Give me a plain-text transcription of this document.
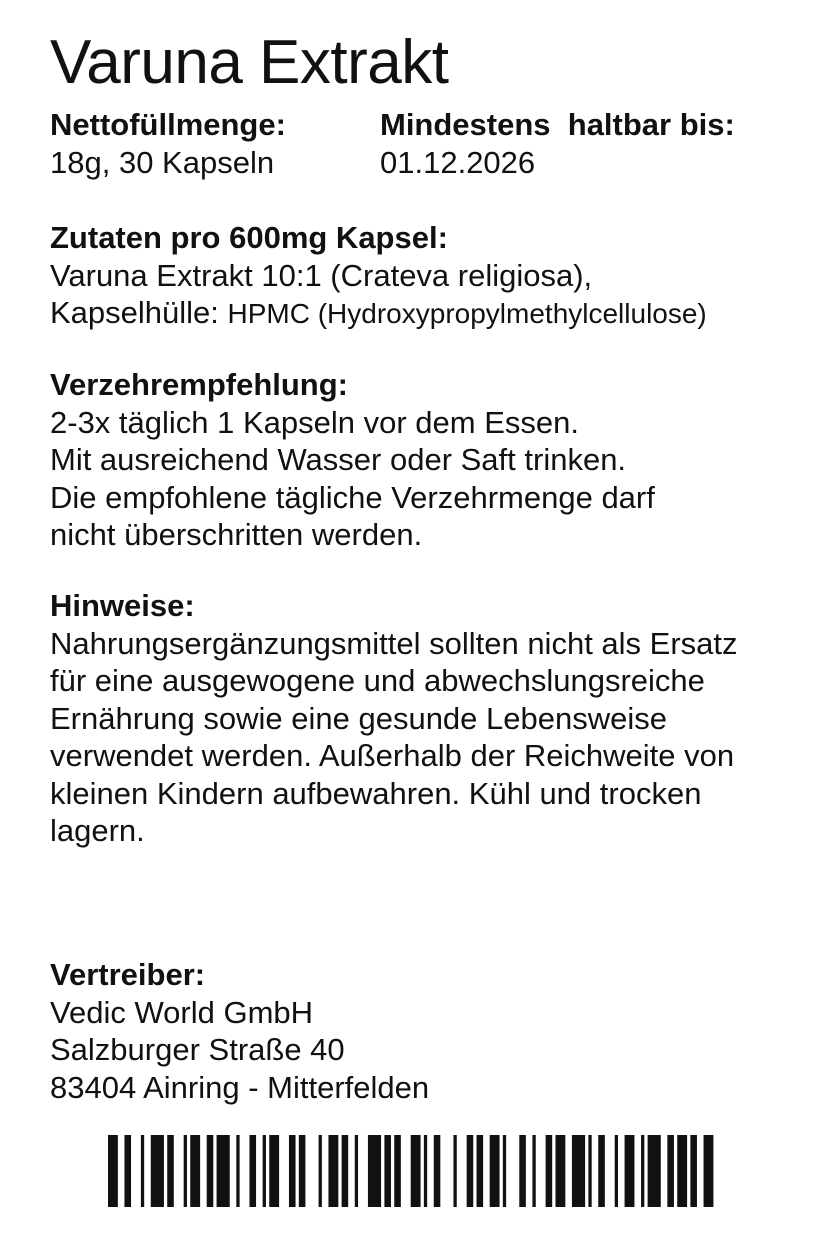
Varuna Extrakt
Nettofüllmenge:
18g, 30 Kapseln
Mindestens  haltbar bis:
01.12.2026
Zutaten pro 600mg Kapsel:
Varuna Extrakt 10:1 (Crateva religiosa),
Kapselhülle: HPMC (Hydroxypropylmethylcellulose)
Verzehrempfehlung:
2-3x täglich 1 Kapseln vor dem Essen.
Mit ausreichend Wasser oder Saft trinken.
Die empfohlene tägliche Verzehrmenge darf
nicht überschritten werden.
Hinweise:
Nahrungsergänzungsmittel sollten nicht als Ersatz
für eine ausgewogene und abwechslungsreiche
Ernährung sowie eine gesunde Lebensweise
verwendet werden. Außerhalb der Reichweite von
kleinen Kindern aufbewahren. Kühl und trocken
lagern.
Vertreiber:
Vedic World GmbH
Salzburger Straße 40
83404 Ainring - Mitterfelden
